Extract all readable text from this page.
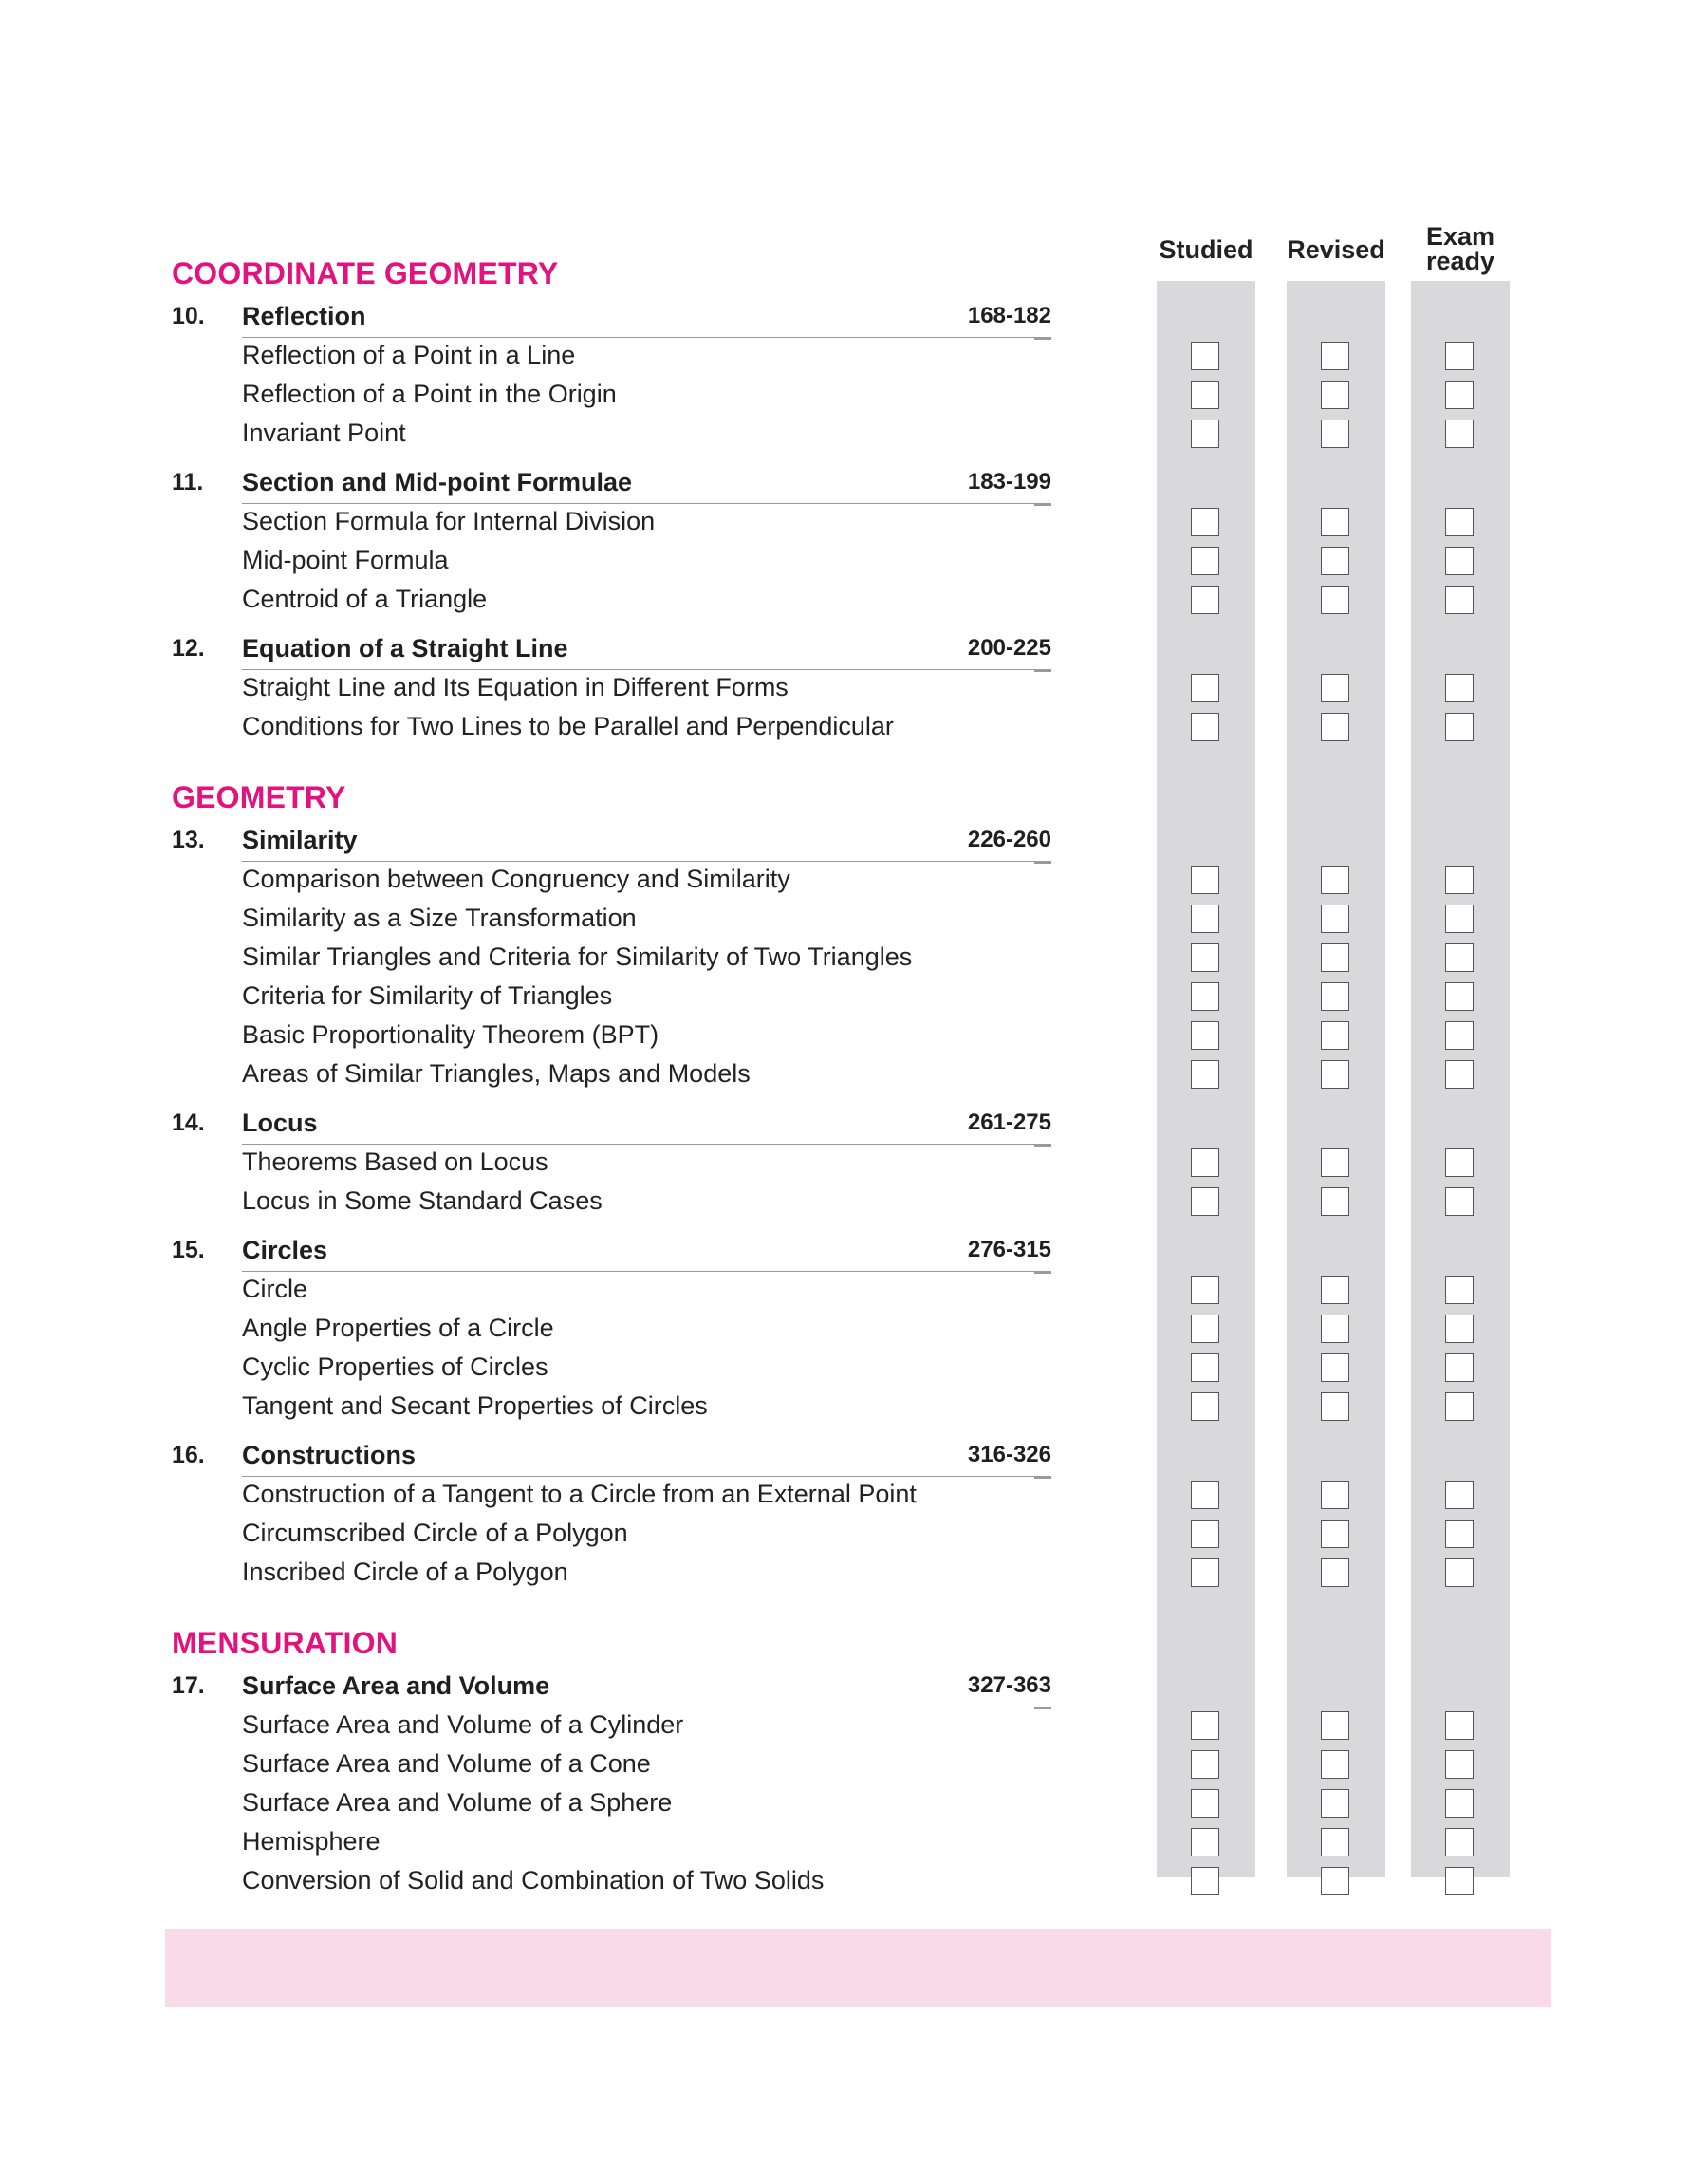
Studied Revised	Exam ready
COORDINATE GEOMETRY
10. Reflection	168-182
Reflection of a Point in a Line
Reflection of a Point in the Origin
Invariant Point
11. Section and Mid-point Formulae	183-199
Section Formula for Internal Division
Mid-point Formula
Centroid of a Triangle
12. Equation of a Straight Line	200-225
Straight Line and Its Equation in Different Forms
Conditions for Two Lines to be Parallel and Perpendicular
GEOMETRY
13. Similarity	226-260
Comparison between Congruency and Similarity
Similarity as a Size Transformation
Similar Triangles and Criteria for Similarity of Two Triangles
Criteria for Similarity of Triangles
Basic Proportionality Theorem (BPT)
Areas of Similar Triangles, Maps and Models
14. Locus	261-275
Theorems Based on Locus
Locus in Some Standard Cases
15. Circles	276-315
Circle
Angle Properties of a Circle
Cyclic Properties of Circles
Tangent and Secant Properties of Circles
16. Constructions	316-326
Construction of a Tangent to a Circle from an External Point
Circumscribed Circle of a Polygon
Inscribed Circle of a Polygon
MENSURATION
17. Surface Area and Volume	327-363
Surface Area and Volume of a Cylinder
Surface Area and Volume of a Cone
Surface Area and Volume of a Sphere
Hemisphere
Conversion of Solid and Combination of Two Solids
